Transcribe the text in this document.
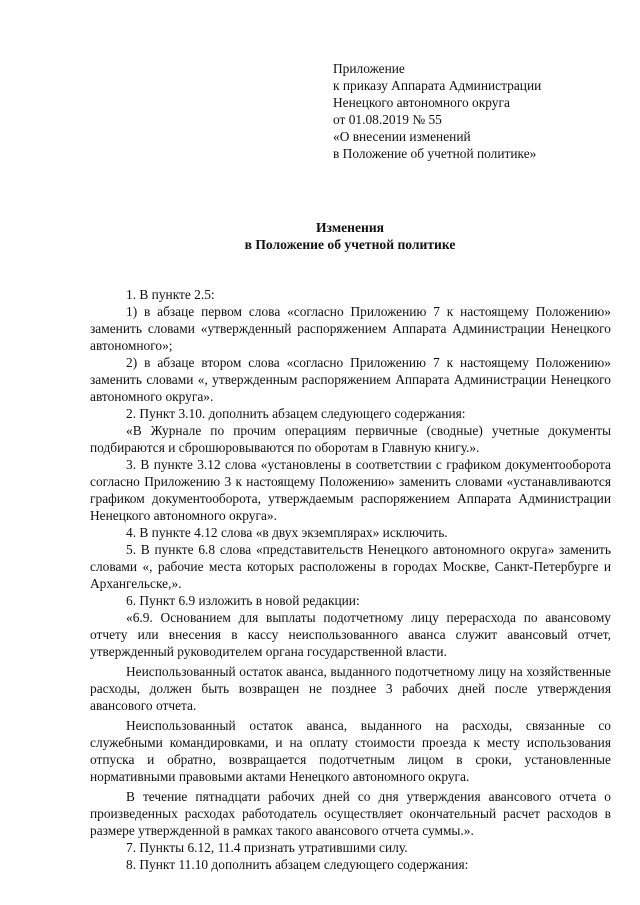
Приложение
к приказу Аппарата Администрации
Ненецкого автономного округа
от 01.08.2019 № 55
«О внесении изменений
в Положение об учетной политике»
Изменения
в Положение об учетной политике

1. В пункте 2.5:

1) в абзаце первом слова «согласно Приложению 7 к настоящему Положению» заменить словами «утвержденный распоряжением Аппарата Администрации Ненецкого автономного»;

2) в абзаце втором слова «согласно Приложению 7 к настоящему Положению» заменить словами «, утвержденным распоряжением Аппарата Администрации Ненецкого автономного округа».

2. Пункт 3.10. дополнить абзацем следующего содержания:

«В Журнале по прочим операциям первичные (сводные) учетные документы подбираются и сброшюровываются по оборотам в Главную книгу.».

3. В пункте 3.12 слова «установлены в соответствии с графиком документооборота согласно Приложению 3 к настоящему Положению» заменить словами «устанавливаются графиком документооборота, утверждаемым распоряжением Аппарата Администрации Ненецкого автономного округа».

4. В пункте 4.12 слова «в двух экземплярах» исключить.

5. В пункте 6.8 слова «представительств Ненецкого автономного округа» заменить словами «, рабочие места которых расположены в городах Москве, Санкт-Петербурге и Архангельске,».

6. Пункт 6.9 изложить в новой редакции:

«6.9. Основанием для выплаты подотчетному лицу перерасхода по авансовому отчету или внесения в кассу неиспользованного аванса служит авансовый отчет, утвержденный руководителем органа государственной власти.

Неиспользованный остаток аванса, выданного подотчетному лицу на хозяйственные расходы, должен быть возвращен не позднее 3 рабочих дней после утверждения авансового отчета.

Неиспользованный остаток аванса, выданного на расходы, связанные со служебными командировками, и на оплату стоимости проезда к месту использования отпуска и обратно, возвращается подотчетным лицом в сроки, установленные нормативными правовыми актами Ненецкого автономного округа.

В течение пятнадцати рабочих дней со дня утверждения авансового отчета о произведенных расходах работодатель осуществляет окончательный расчет расходов в размере утвержденной в рамках такого авансового отчета суммы.».

7. Пункты 6.12, 11.4 признать утратившими силу.

8. Пункт 11.10 дополнить абзацем следующего содержания:
